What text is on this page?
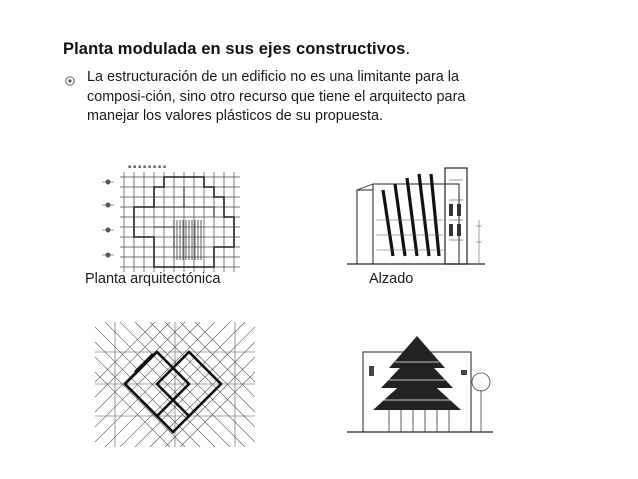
Planta modulada en sus ejes constructivos.
La estructuración de un edificio no es una limitante para la
composi-ción, sino otro recurso que tiene el arquitecto para
manejar los valores plásticos de su propuesta.
▪ ▪ ▪ ▪ ▪ ▪ ▪ ▪
Planta arquitectónica	Alzado
